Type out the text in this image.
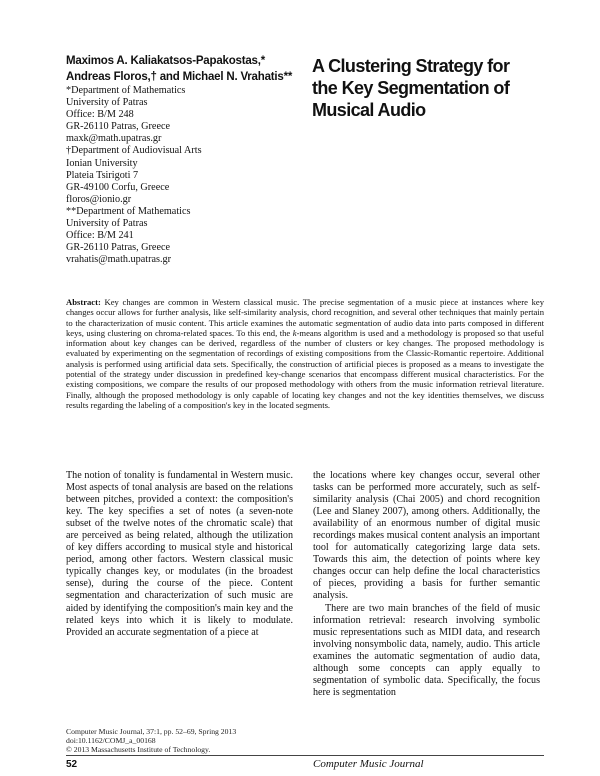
Maximos A. Kaliakatsos-Papakostas,*
Andreas Floros,† and Michael N. Vrahatis**
*Department of Mathematics
University of Patras
Office: B/M 248
GR-26110 Patras, Greece
maxk@math.upatras.gr
†Department of Audiovisual Arts
Ionian University
Plateia Tsirigoti 7
GR-49100 Corfu, Greece
floros@ionio.gr
**Department of Mathematics
University of Patras
Office: B/M 241
GR-26110 Patras, Greece
vrahatis@math.upatras.gr
A Clustering Strategy for
the Key Segmentation of
Musical Audio
Abstract: Key changes are common in Western classical music. The precise segmentation of a music piece at instances where key changes occur allows for further analysis, like self-similarity analysis, chord recognition, and several other techniques that mainly pertain to the characterization of music content. This article examines the automatic segmentation of audio data into parts composed in different keys, using clustering on chroma-related spaces. To this end, the k-means algorithm is used and a methodology is proposed so that useful information about key changes can be derived, regardless of the number of clusters or key changes. The proposed methodology is evaluated by experimenting on the segmentation of recordings of existing compositions from the Classic-Romantic repertoire. Additional analysis is performed using artificial data sets. Specifically, the construction of artificial pieces is proposed as a means to investigate the potential of the strategy under discussion in predefined key-change scenarios that encompass different musical characteristics. For the existing compositions, we compare the results of our proposed methodology with others from the music information retrieval literature. Finally, although the proposed methodology is only capable of locating key changes and not the key identities themselves, we discuss results regarding the labeling of a composition's key in the located segments.

The notion of tonality is fundamental in Western music. Most aspects of tonal analysis are based on the relations between pitches, provided a context: the composition's key. The key specifies a set of notes (a seven-note subset of the twelve notes of the chromatic scale) that are perceived as being related, although the utilization of key differs according to musical style and historical period, among other factors. Western classical music typically changes key, or modulates (in the broadest sense), during the course of the piece. Content segmentation and characterization of such music are aided by identifying the composition's main key and the related keys into which it is likely to modulate. Provided an accurate segmentation of a piece at

the locations where key changes occur, several other tasks can be performed more accurately, such as self-similarity analysis (Chai 2005) and chord recognition (Lee and Slaney 2007), among others. Additionally, the availability of an enormous number of digital music recordings makes musical content analysis an important tool for automatically categorizing large data sets. Towards this aim, the detection of points where key changes occur can help define the local characteristics of pieces, providing a basis for further semantic analysis.

There are two main branches of the field of music information retrieval: research involving symbolic music representations such as MIDI data, and research involving nonsymbolic data, namely, audio. This article examines the automatic segmentation of audio data, although some concepts can apply equally to segmentation of symbolic data. Specifically, the focus here is segmentation

Computer Music Journal, 37:1, pp. 52–69, Spring 2013
doi:10.1162/COMJ_a_00168
© 2013 Massachusetts Institute of Technology.
52	Computer Music Journal
